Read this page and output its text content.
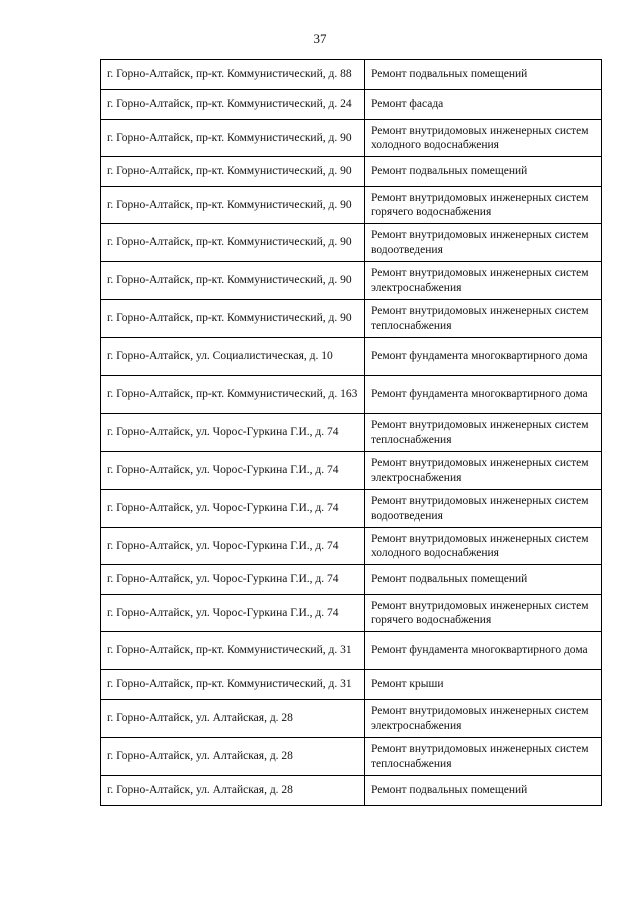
37
г. Горно-Алтайск, пр-кт. Коммунистический, д. 88	Ремонт подвальных помещений
г. Горно-Алтайск, пр-кт. Коммунистический, д. 24	Ремонт фасада
г. Горно-Алтайск, пр-кт. Коммунистический, д. 90	Ремонт внутридомовых инженерных систем холодного водоснабжения
г. Горно-Алтайск, пр-кт. Коммунистический, д. 90	Ремонт подвальных помещений
г. Горно-Алтайск, пр-кт. Коммунистический, д. 90	Ремонт внутридомовых инженерных систем горячего водоснабжения
г. Горно-Алтайск, пр-кт. Коммунистический, д. 90	Ремонт внутридомовых инженерных систем водоотведения
г. Горно-Алтайск, пр-кт. Коммунистический, д. 90	Ремонт внутридомовых инженерных систем электроснабжения
г. Горно-Алтайск, пр-кт. Коммунистический, д. 90	Ремонт внутридомовых инженерных систем теплоснабжения
г. Горно-Алтайск, ул. Социалистическая, д. 10	Ремонт фундамента многоквартирного дома
г. Горно-Алтайск, пр-кт. Коммунистический, д. 163	Ремонт фундамента многоквартирного дома
г. Горно-Алтайск, ул. Чорос-Гуркина Г.И., д. 74	Ремонт внутридомовых инженерных систем теплоснабжения
г. Горно-Алтайск, ул. Чорос-Гуркина Г.И., д. 74	Ремонт внутридомовых инженерных систем электроснабжения
г. Горно-Алтайск, ул. Чорос-Гуркина Г.И., д. 74	Ремонт внутридомовых инженерных систем водоотведения
г. Горно-Алтайск, ул. Чорос-Гуркина Г.И., д. 74	Ремонт внутридомовых инженерных систем холодного водоснабжения
г. Горно-Алтайск, ул. Чорос-Гуркина Г.И., д. 74	Ремонт подвальных помещений
г. Горно-Алтайск, ул. Чорос-Гуркина Г.И., д. 74	Ремонт внутридомовых инженерных систем горячего водоснабжения
г. Горно-Алтайск, пр-кт. Коммунистический, д. 31	Ремонт фундамента многоквартирного дома
г. Горно-Алтайск, пр-кт. Коммунистический, д. 31	Ремонт крыши
г. Горно-Алтайск, ул. Алтайская, д. 28	Ремонт внутридомовых инженерных систем электроснабжения
г. Горно-Алтайск, ул. Алтайская, д. 28	Ремонт внутридомовых инженерных систем теплоснабжения
г. Горно-Алтайск, ул. Алтайская, д. 28	Ремонт подвальных помещений
